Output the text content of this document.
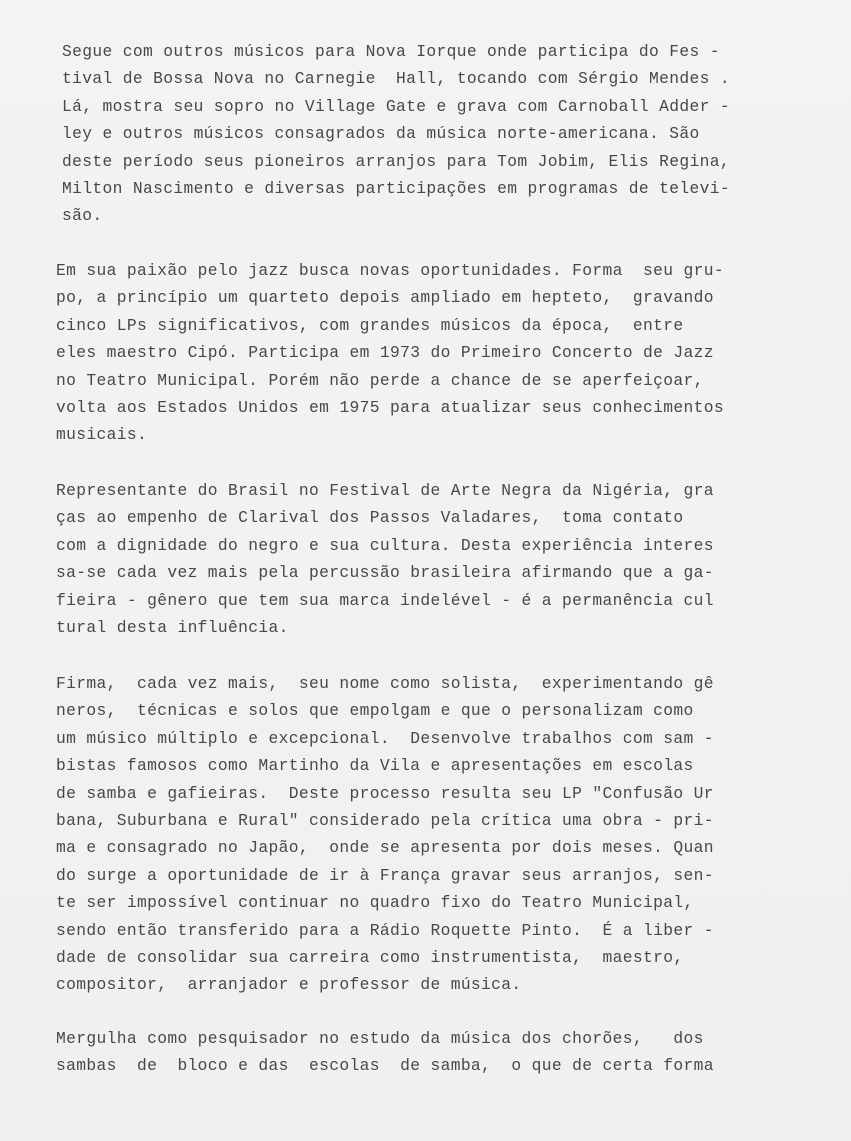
Segue com outros músicos para Nova Iorque onde participa do Fes -
tival de Bossa Nova no Carnegie  Hall, tocando com Sérgio Mendes .
Lá, mostra seu sopro no Village Gate e grava com Carnoball Adder -
ley e outros músicos consagrados da música norte-americana. São
deste período seus pioneiros arranjos para Tom Jobim, Elis Regina,
Milton Nascimento e diversas participações em programas de televi-
são.
Em sua paixão pelo jazz busca novas oportunidades. Forma  seu gru-
po, a princípio um quarteto depois ampliado em hepteto,  gravando
cinco LPs significativos, com grandes músicos da época,  entre
eles maestro Cipó. Participa em 1973 do Primeiro Concerto de Jazz
no Teatro Municipal. Porém não perde a chance de se aperfeiçoar,
volta aos Estados Unidos em 1975 para atualizar seus conhecimentos
musicais.
Representante do Brasil no Festival de Arte Negra da Nigéria, gra
ças ao empenho de Clarival dos Passos Valadares,  toma contato
com a dignidade do negro e sua cultura. Desta experiência interes
sa-se cada vez mais pela percussão brasileira afirmando que a ga-
fieira - gênero que tem sua marca indelével - é a permanência cul
tural desta influência.
Firma,  cada vez mais,  seu nome como solista,  experimentando gê
neros,  técnicas e solos que empolgam e que o personalizam como
um músico múltiplo e excepcional.  Desenvolve trabalhos com sam -
bistas famosos como Martinho da Vila e apresentações em escolas
de samba e gafieiras.  Deste processo resulta seu LP "Confusão Ur
bana, Suburbana e Rural" considerado pela crítica uma obra - pri-
ma e consagrado no Japão,  onde se apresenta por dois meses. Quan
do surge a oportunidade de ir à França gravar seus arranjos, sen-
te ser impossível continuar no quadro fixo do Teatro Municipal,
sendo então transferido para a Rádio Roquette Pinto.  É a liber -
dade de consolidar sua carreira como instrumentista,  maestro,
compositor,  arranjador e professor de música.
Mergulha como pesquisador no estudo da música dos chorões,   dos
sambas  de  bloco e das  escolas  de samba,  o que de certa forma
